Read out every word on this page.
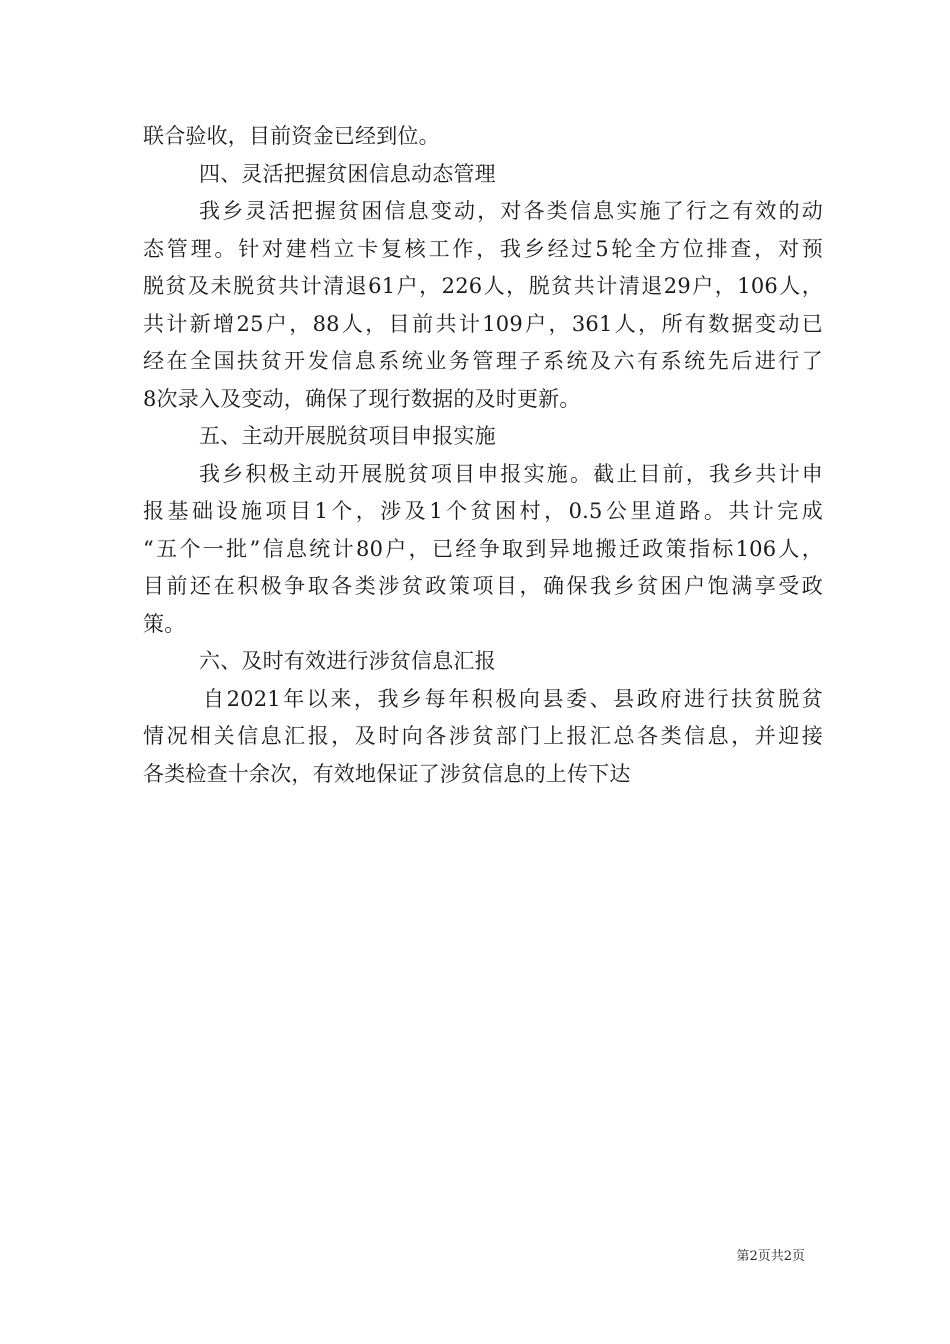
联合验收，目前资金已经到位。
四、灵活把握贫困信息动态管理
我乡灵活把握贫困信息变动，对各类信息实施了行之有效的动
态管理。针对建档立卡复核工作，我乡经过5轮全方位排查，对预
脱贫及未脱贫共计清退61户，226人，脱贫共计清退29户，106人，
共计新增25户，88人，目前共计109户，361人，所有数据变动已
经在全国扶贫开发信息系统业务管理子系统及六有系统先后进行了
8次录入及变动，确保了现行数据的及时更新。
五、主动开展脱贫项目申报实施
我乡积极主动开展脱贫项目申报实施。截止目前，我乡共计申
报基础设施项目1个，涉及1个贫困村，0.5公里道路。共计完成
“五个一批”信息统计80户，已经争取到异地搬迁政策指标106人，
目前还在积极争取各类涉贫政策项目，确保我乡贫困户饱满享受政
策。
六、及时有效进行涉贫信息汇报
自2021年以来，我乡每年积极向县委、县政府进行扶贫脱贫
情况相关信息汇报，及时向各涉贫部门上报汇总各类信息，并迎接
各类检查十余次，有效地保证了涉贫信息的上传下达
第2页共2页
